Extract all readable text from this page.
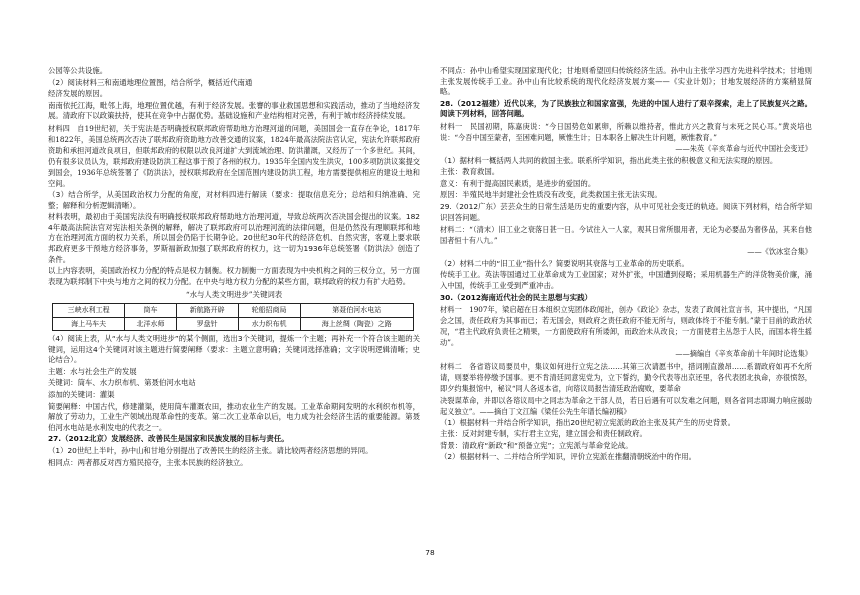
公园等公共设施。

（2）阅读材料三和南通地理位置图，结合所学，概括近代南通

经济发展的原因。

南南依托江海，毗邻上海，地理位置优越，有利于经济发展。张謇的事业救国思想和实践活动，推动了当地经济发展。清政府下以政策扶持，使其在竞争中占据优势。基础设施和产业结构相对完善，有利于城市经济持续发展。

材料四　自19世纪初，关于宪法是否明确授权联邦政府帮助地方治理河道的问题，美国国会一直存在争论，1817年和1822年，美国总统两次否决了联邦政府资助地方改善交通的议案，1824年最高法院法官认定，宪法允许联邦政府资助和承担河道改良项目，但联邦政府的权限以改良河道扩大到流域治理、防洪灌溉，又经历了一个多世纪。其间，仍有很多议员认为，联邦政府建设防洪工程这事于预了各州的权力。1935年全国内发生洪灾，100多项防洪议案提交到国会，1936年总统签署了《防洪法》，授权联邦政府在全国范围内建设防洪工程，地方需要提供相应的建设土地和空间。

（3）结合所学，从美国政治权力分配的角度，对材料四进行解读（要求：提取信息充分；总结和归纳准确、完整；解释和分析逻辑清晰）。

材料表明，最初由于美国宪法没有明确授权联邦政府帮助地方治理河道，导致总统两次否决国会提出的议案。1824年最高法院法官对宪法相关条例的解释，解决了联邦政府可以治理河流的法律问题，但是仍然没有理顺联邦和地方在治理河流方面的权力关系，所以国会仍陷于长期争论。20世纪30年代的经济危机、自然灾害，客观上要求联邦政府更多干预地方经济事务，罗斯福新政加强了联邦政府的权力，这一切为1936年总统签署《防洪法》创造了条件。

以上内容表明，美国政治权力分配的特点是权力制衡。权力制衡一方面表现为中央机构之间的三权分立，另一方面表现为联邦制下中央与地方之间的权力分配。在中央与地方权力分配的某些方面，联邦政府的权力有扩大趋势。

“水与人类文明进步”关键词表
三峡水利工程	筒车	新航路开辟	轮船招商局	第聂伯河水电站
海上马车夫	北洋水师	罗盘针	水力织布机	海上丝绸（陶瓷）之路

（4）阅读上表，从“水与人类文明进步”的某个侧面，选出3个关键词，提炼一个主题；再补充一个符合该主题的关键词，运用这4个关键词对该主题进行简要阐释（要求：主题立意明确；关键词选择准确；文字说明逻辑清晰；史论结合）。

主题：水与社会生产的发展

关键词：筒车、水力织布机、第聂伯河水电站

添加的关键词：灌渠

简要阐释：中国古代，修建灌渠，使用筒车灌溉农田，推动农业生产的发展。工业革命期间发明的水利织布机等，解放了劳动力，工业生产领域出现革命性的变革。第二次工业革命以后，电力成为社会经济生活的重要能源。第聂伯河水电站是水利发电的代表之一。

27.（2012北京）发展经济、改善民生是国家和民族发展的目标与责任。

（1）20世纪上半叶，孙中山和甘地分别提出了改善民生的经济主张。请比较两者经济思想的异同。

相同点：两者都反对西方殖民掠夺，主张本民族的经济独立。

不同点：孙中山希望实现国家现代化；甘地则希望回归传统经济生活。孙中山主张学习西方先进科学技术；甘地则主张发展传统手工业。孙中山有比较系统的现代化经济发展方案——《实业计划》；甘地发展经济的方案稍显简略。

28.（2012福建）近代以来，为了民族独立和国家富强，先进的中国人进行了艰辛探索，走上了民族复兴之路。阅读下列材料，回答问题。

材料一　民国初期，陈嘉庚说：“今日国势危如累卵，所赖以维持者，惟此方兴之教育与未死之民心耳。”黄炎培也说：“今吾中国至蒙者，至困难问题，厥惟生计；日本职各上解决生计问题，厥惟教育。”

——朱英《辛亥革命与近代中国社会变迁》

（1）据材料一概括两人共同的救国主张。联系所学知识，指出此类主张的积极意义和无法实现的原因。

主张：教育救国。

意义：有利于提高国民素质，是进步的爱国的。

原因：半殖民地半封建社会性质没有改变，此类救国主张无法实现。

29.（2012广东）芸芸众生的日常生活是历史的重要内容，从中可见社会变迁的轨迹。阅读下列材料，结合所学知识回答问题。

材料二：“（清末）旧工业之衰落日甚一日。今试往入一人家，观其日常所服用者，无论为必要品为奢侈品，其来自他国者恒十有八九。”

——《饮冰室合集》

（2）材料二中的“旧工业”指什么？简要说明其衰落与工业革命的历史联系。

传统手工业。英法等国通过工业革命成为工业国家；对外扩张，中国遭到侵略；采用机器生产的洋货物美价廉，涌入中国，传统手工业受到严重冲击。

30.（2012海南近代社会的民主思想与实践）

材料一　1907年，梁启超在日本组织立宪团体政闻社，创办《政论》杂志，发表了政闻社宣言书，其中提出，“凡国会之国，责任政府为其事而已；若无国会，则政府之责任政府不能无所与，则政体终于不能专制。”蒙于目前的政治状况，“君主代政府负责任之精果，一方面使政府有所诿卸，而政治未从改良；一方面使君主丛怨于人民，而国本将生摇动”。

——摘编自《辛亥革命前十年间时论选集》

材料二　各省谘议局要员中，集议如何进行立宪之法……其第三次请愿书中，措词刚直激昂……系谓政府如再不允所请，则要举将停缴予国事。更不肯清廷同意宪党为，立下誓约，勤令代表等出京还里，各代表团北执命，亦很愤怒，即夕约集报馆中，秘议“同人各返本省，向谘议局报告清廷政治腐败，要革命

决裂谋革命，并即以各谘议局中之同志为革命之干部人员，若日后遇有可以发难之问题，则各省同志即竭力响应援助起义独立”。——摘自丁文江编《梁任公先生年谱长编初稿》

（1）根据材料一并结合所学知识，指出20世纪初立宪派的政治主张及其产生的历史背景。

主张：反对封建专制，实行君主立宪，建立国会和责任制政府。

背景：清政府“新政”和“预备立宪”；立宪派与革命党论战。

（2）根据材料一、二并结合所学知识，评价立宪派在推翻清朝统治中的作用。

78
